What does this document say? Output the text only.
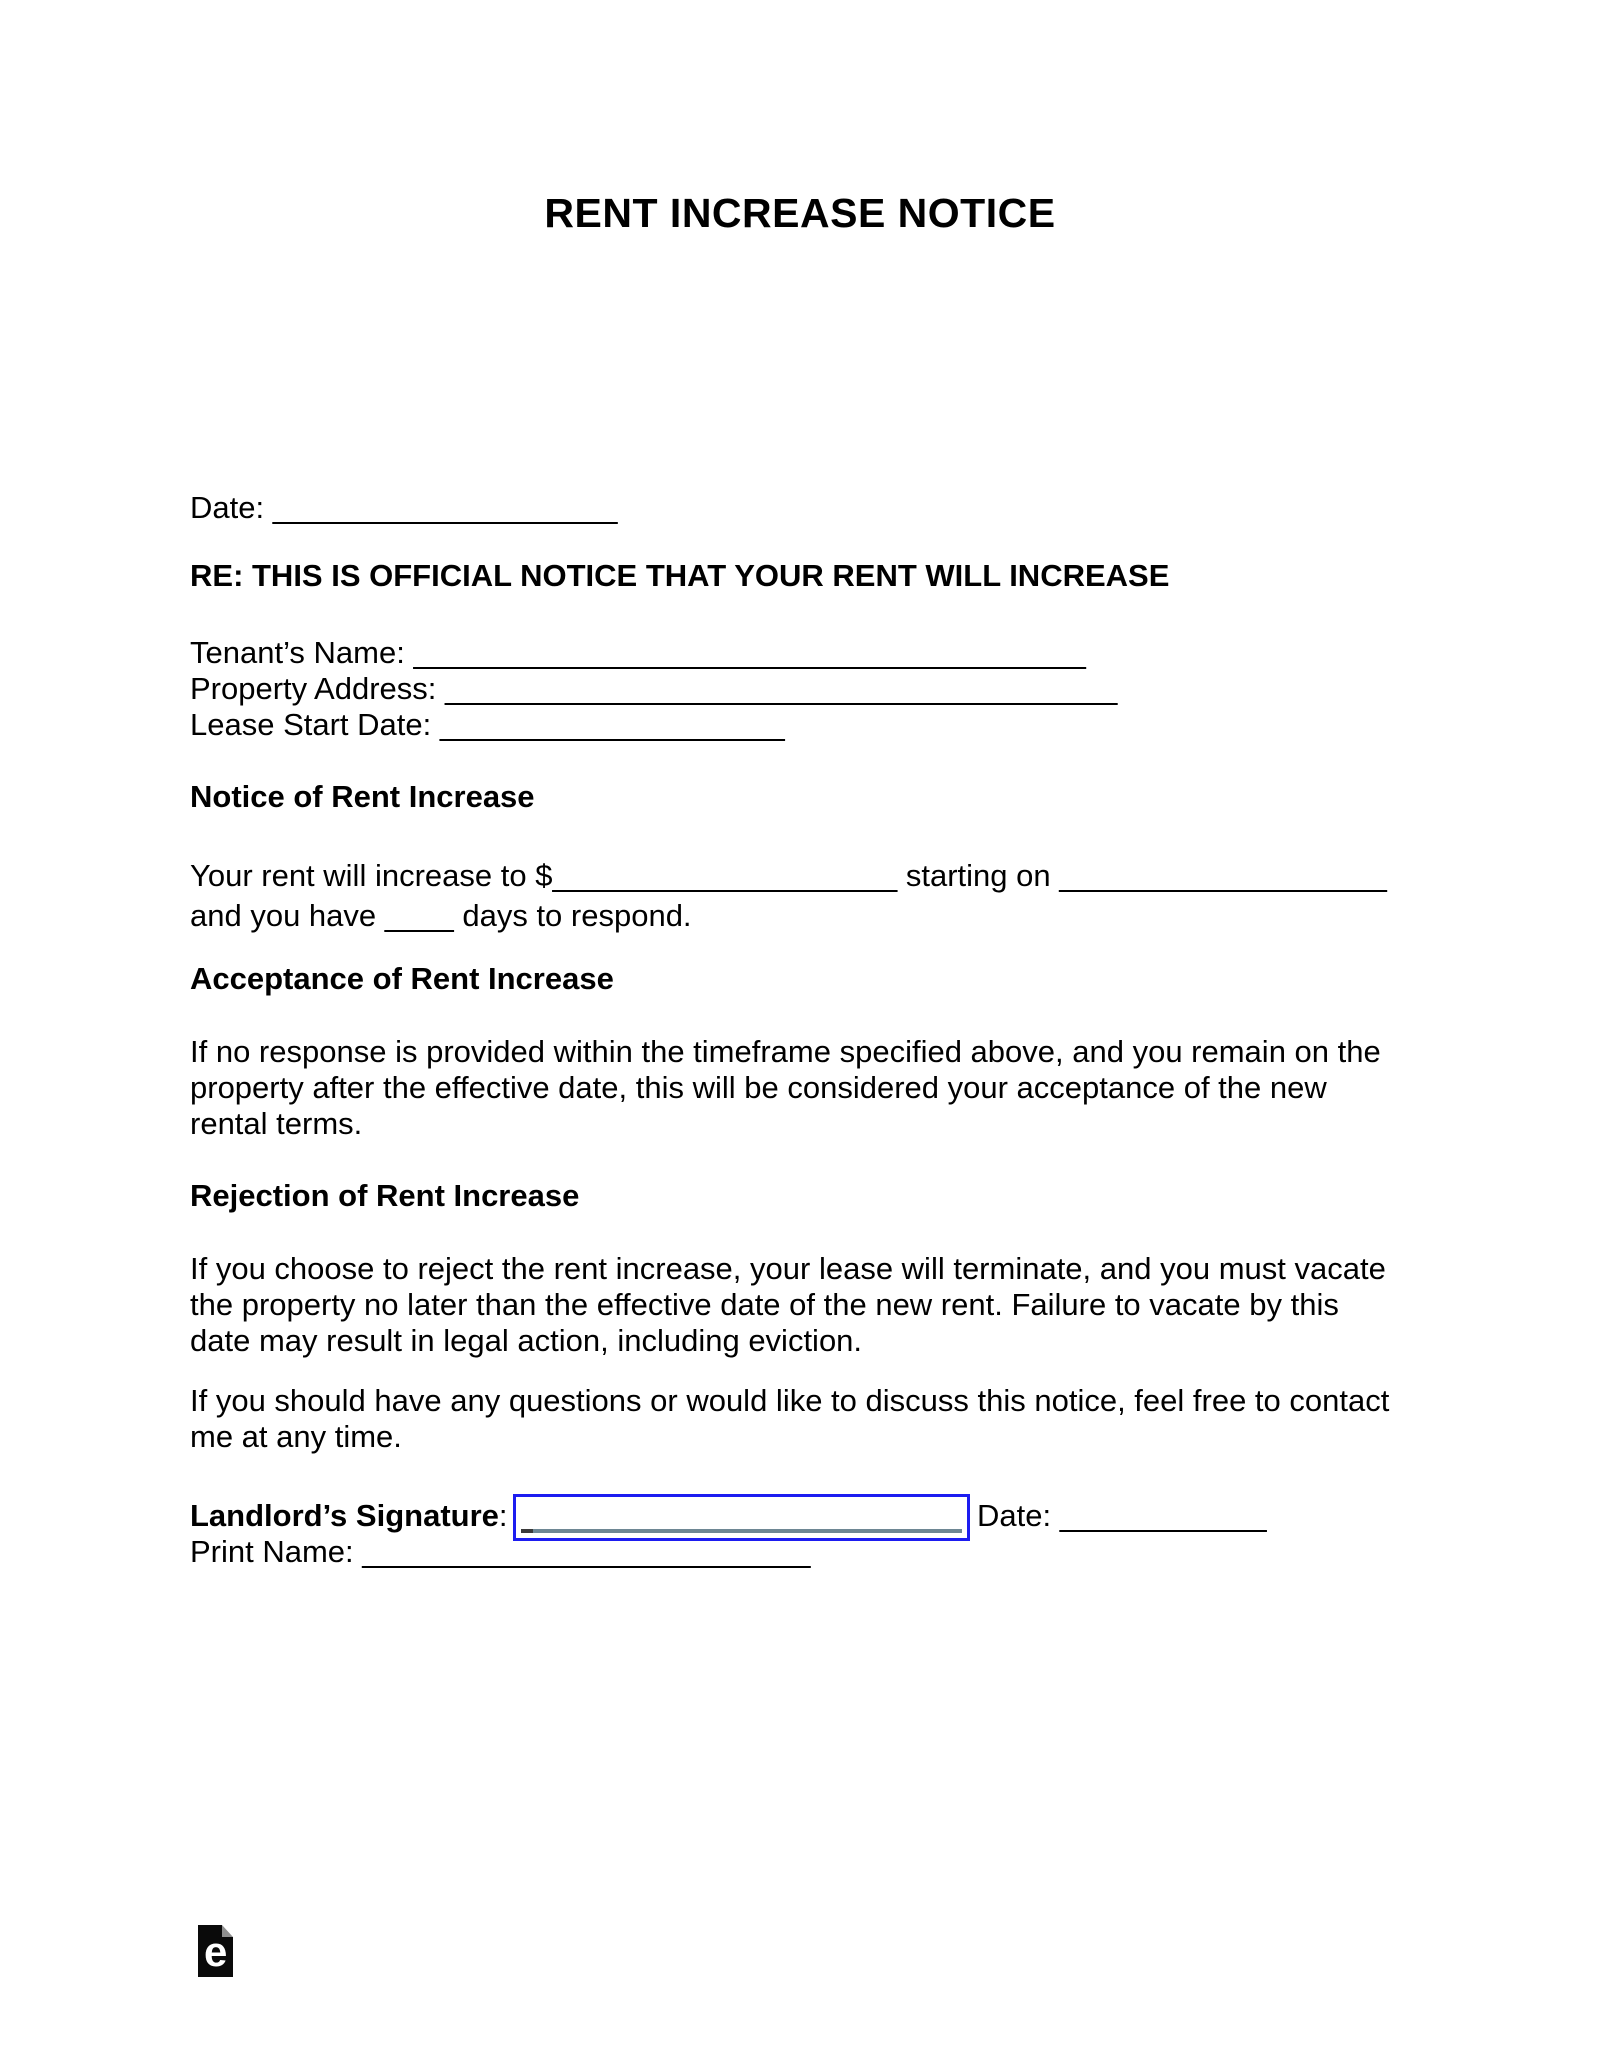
RENT INCREASE NOTICE
Date: ____________________
RE: THIS IS OFFICIAL NOTICE THAT YOUR RENT WILL INCREASE
Tenant’s Name: _______________________________________
Property Address: _______________________________________
Lease Start Date: ____________________
Notice of Rent Increase
Your rent will increase to $____________________ starting on ___________________
and you have ____ days to respond.
Acceptance of Rent Increase
If no response is provided within the timeframe specified above, and you remain on the
property after the effective date, this will be considered your acceptance of the new
rental terms.
Rejection of Rent Increase
If you choose to reject the rent increase, your lease will terminate, and you must vacate
the property no later than the effective date of the new rent. Failure to vacate by this
date may result in legal action, including eviction.
If you should have any questions or would like to discuss this notice, feel free to contact
me at any time.
Landlord’s Signature:	Date: ____________
Print Name: __________________________
e
